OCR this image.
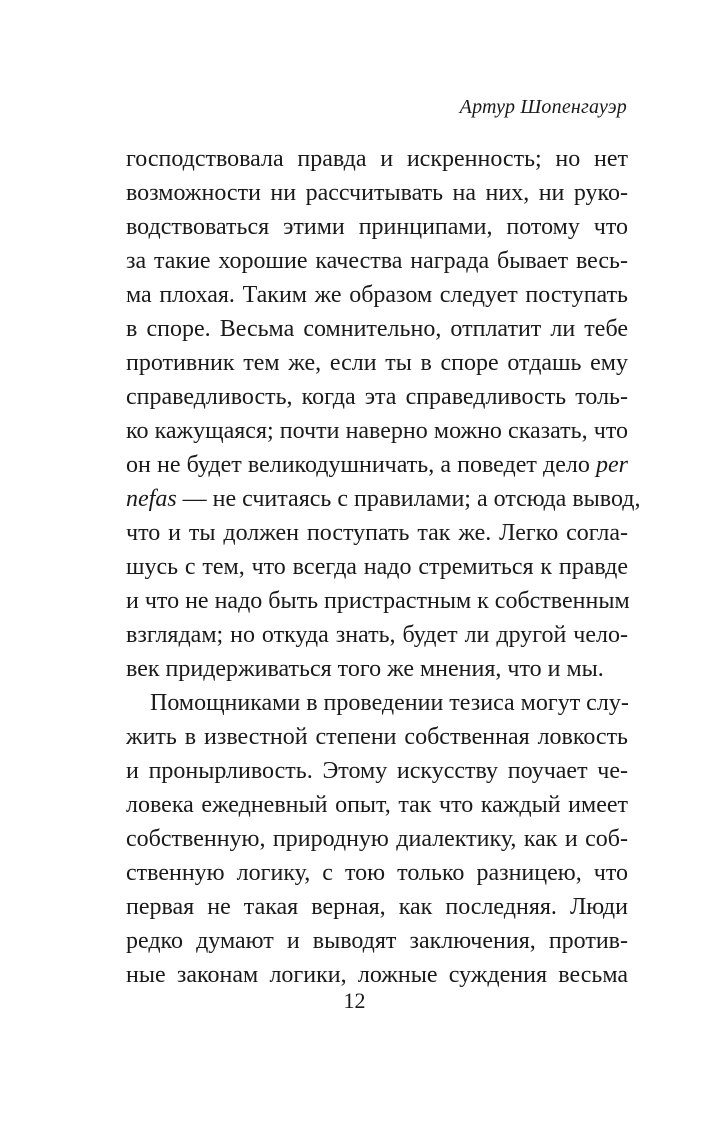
Артур Шопенгауэр
господствовала правда и искренность; но нет
возможности ни рассчитывать на них, ни руко-
водствоваться этими принципами, потому что
за такие хорошие качества награда бывает весь-
ма плохая. Таким же образом следует поступать
в споре. Весьма сомнительно, отплатит ли тебе
противник тем же, если ты в споре отдашь ему
справедливость, когда эта справедливость толь-
ко кажущаяся; почти наверно можно сказать, что
он не будет великодушничать, а поведет дело per
nefas — не считаясь с правилами; а отсюда вывод,
что и ты должен поступать так же. Легко согла-
шусь с тем, что всегда надо стремиться к правде
и что не надо быть пристрастным к собственным
взглядам; но откуда знать, будет ли другой чело-
век придерживаться того же мнения, что и мы.
Помощниками в проведении тезиса могут слу-
жить в известной степени собственная ловкость
и пронырливость. Этому искусству поучает че-
ловека ежедневный опыт, так что каждый имеет
собственную, природную диалектику, как и соб-
ственную логику, с тою только разницею, что
первая не такая верная, как последняя. Люди
редко думают и выводят заключения, против-
ные законам логики, ложные суждения весьма
12
